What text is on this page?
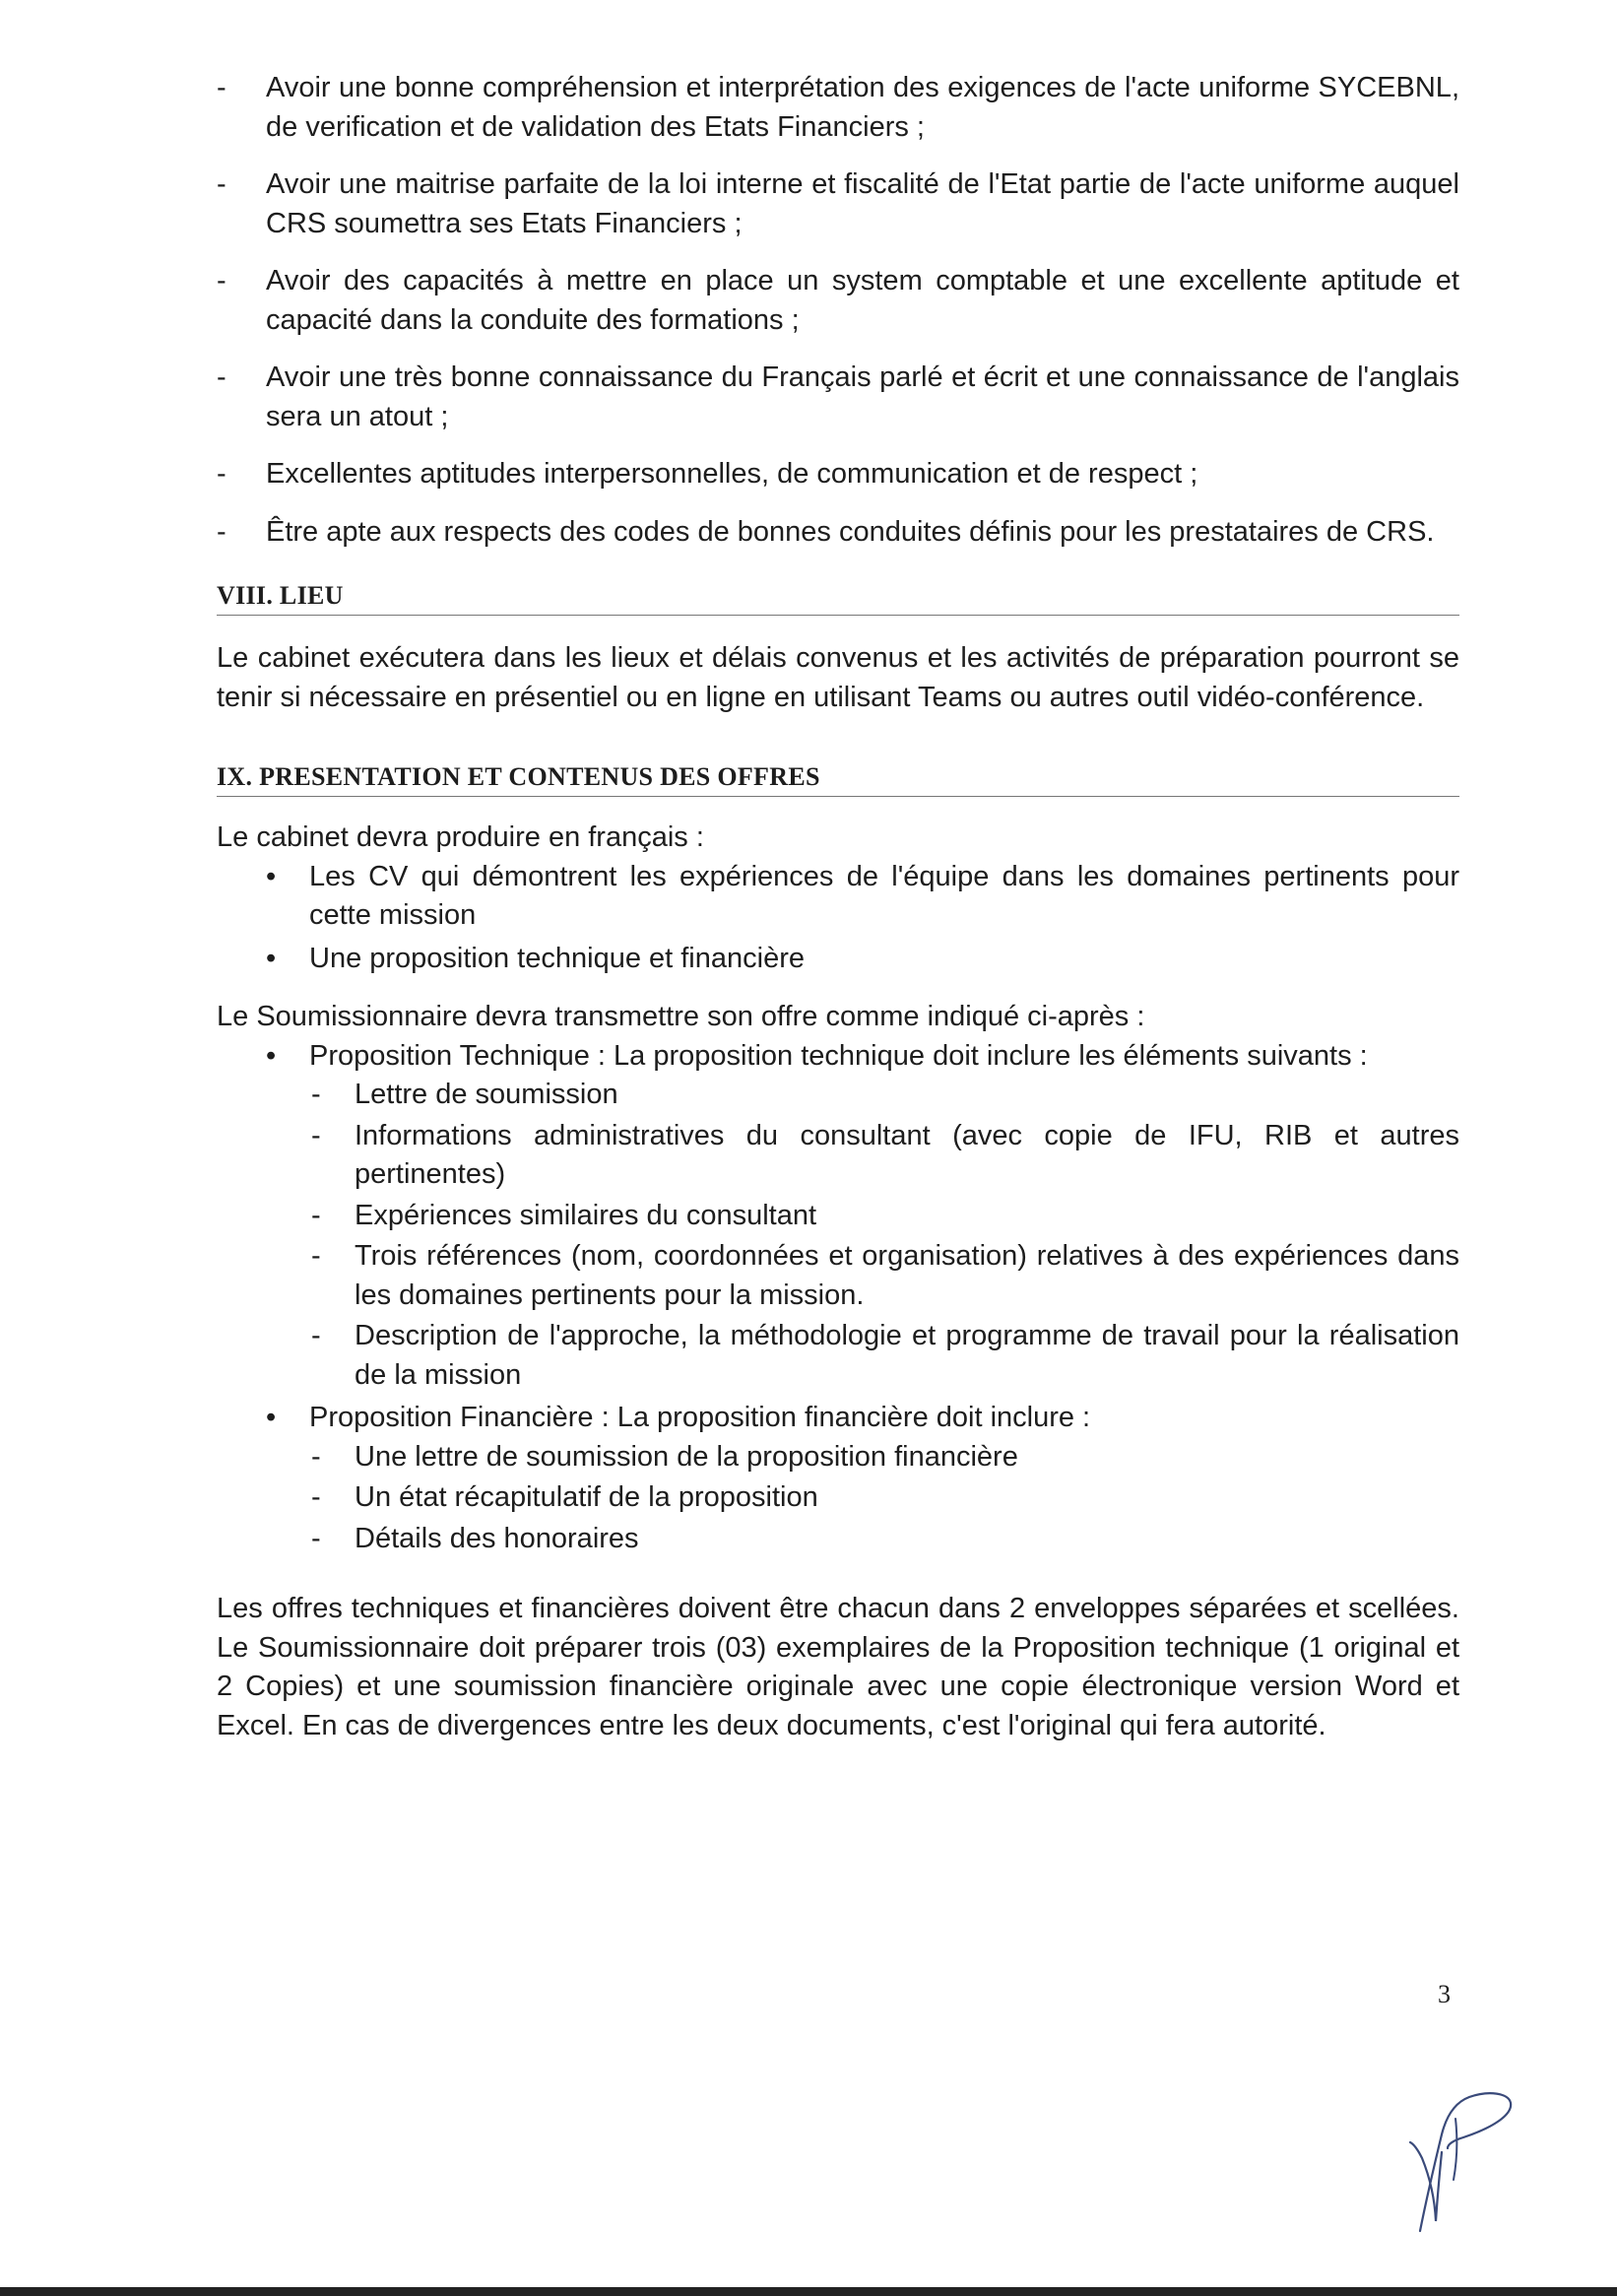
- Avoir une bonne compréhension et interprétation des exigences de l'acte uniforme SYCEBNL, de verification et de validation des Etats Financiers ;
- Avoir une maitrise parfaite de la loi interne et fiscalité de l'Etat partie de l'acte uniforme auquel CRS soumettra ses Etats Financiers ;
- Avoir des capacités à mettre en place un system comptable et une excellente aptitude et capacité dans la conduite des formations ;
- Avoir une très bonne connaissance du Français parlé et écrit et une connaissance de l'anglais sera un atout ;
- Excellentes aptitudes interpersonnelles, de communication et de respect ;
- Être apte aux respects des codes de bonnes conduites définis pour les prestataires de CRS.
VIII. LIEU

Le cabinet exécutera dans les lieux et délais convenus et les activités de préparation pourront se tenir si nécessaire en présentiel ou en ligne en utilisant Teams ou autres outil vidéo-conférence.

IX. PRESENTATION ET CONTENUS DES OFFRES

Le cabinet devra produire en français :

• Les CV qui démontrent les expériences de l'équipe dans les domaines pertinents pour cette mission
• Une proposition technique et financière

Le Soumissionnaire devra transmettre son offre comme indiqué ci-après :

• Proposition Technique : La proposition technique doit inclure les éléments suivants :
- Lettre de soumission
- Informations administratives du consultant (avec copie de IFU, RIB et autres pertinentes)
- Expériences similaires du consultant
- Trois références (nom, coordonnées et organisation) relatives à des expériences dans les domaines pertinents pour la mission.
- Description de l'approche, la méthodologie et programme de travail pour la réalisation de la mission
• Proposition Financière : La proposition financière doit inclure :
- Une lettre de soumission de la proposition financière
- Un état récapitulatif de la proposition
- Détails des honoraires

Les offres techniques et financières doivent être chacun dans 2 enveloppes séparées et scellées. Le Soumissionnaire doit préparer trois (03) exemplaires de la Proposition technique (1 original et 2 Copies) et une soumission financière originale avec une copie électronique version Word et Excel. En cas de divergences entre les deux documents, c'est l'original qui fera autorité.

3
